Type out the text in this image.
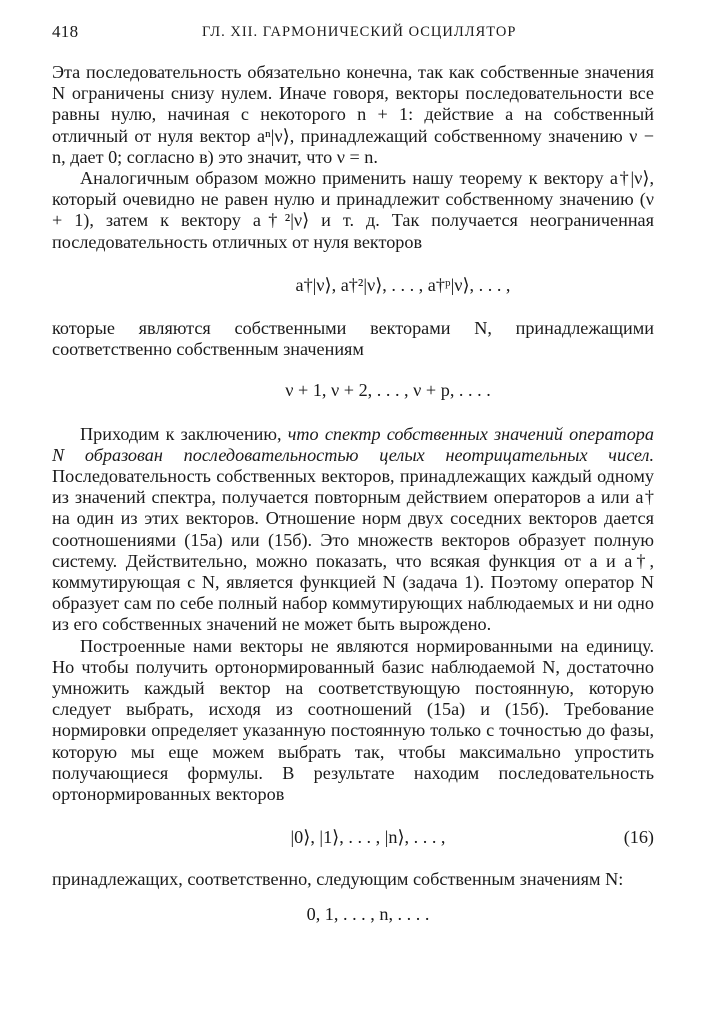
418	ГЛ. XII. ГАРМОНИЧЕСКИЙ ОСЦИЛЛЯТОР

Эта последовательность обязательно конечна, так как собственные значения N ограничены снизу нулем. Иначе говоря, векторы последовательности все равны нулю, начиная с некоторого n + 1: действие a на собственный отличный от нуля вектор aⁿ|ν⟩, принадлежащий собственному значению ν − n, дает 0; согласно в) это значит, что ν = n.

Аналогичным образом можно применить нашу теорему к вектору a†|ν⟩, который очевидно не равен нулю и принадлежит собственному значению (ν + 1), затем к вектору a†²|ν⟩ и т. д. Так получается неограниченная последовательность отличных от нуля векторов

a†|ν⟩, a†²|ν⟩, . . . , a†ᵖ|ν⟩, . . . ,

которые являются собственными векторами N, принадлежащими соответственно собственным значениям

ν + 1, ν + 2, . . . , ν + p, . . . .

Приходим к заключению, что спектр собственных значений оператора N образован последовательностью целых неотрицательных чисел. Последовательность собственных векторов, принадлежащих каждый одному из значений спектра, получается повторным действием операторов a или a† на один из этих векторов. Отношение норм двух соседних векторов дается соотношениями (15а) или (15б). Это множеств векторов образует полную систему. Действительно, можно показать, что всякая функция от a и a†, коммутирующая с N, является функцией N (задача 1). Поэтому оператор N образует сам по себе полный набор коммутирующих наблюдаемых и ни одно из его собственных значений не может быть вырождено.

Построенные нами векторы не являются нормированными на единицу. Но чтобы получить ортонормированный базис наблюдаемой N, достаточно умножить каждый вектор на соответствующую постоянную, которую следует выбрать, исходя из соотношений (15а) и (15б). Требование нормировки определяет указанную постоянную только с точностью до фазы, которую мы еще можем выбрать так, чтобы максимально упростить получающиеся формулы. В результате находим последовательность ортонормированных векторов

|0⟩, |1⟩, . . . , |n⟩, . . . ,	(16)

принадлежащих, соответственно, следующим собственным значениям N:

0, 1, . . . , n, . . . .
